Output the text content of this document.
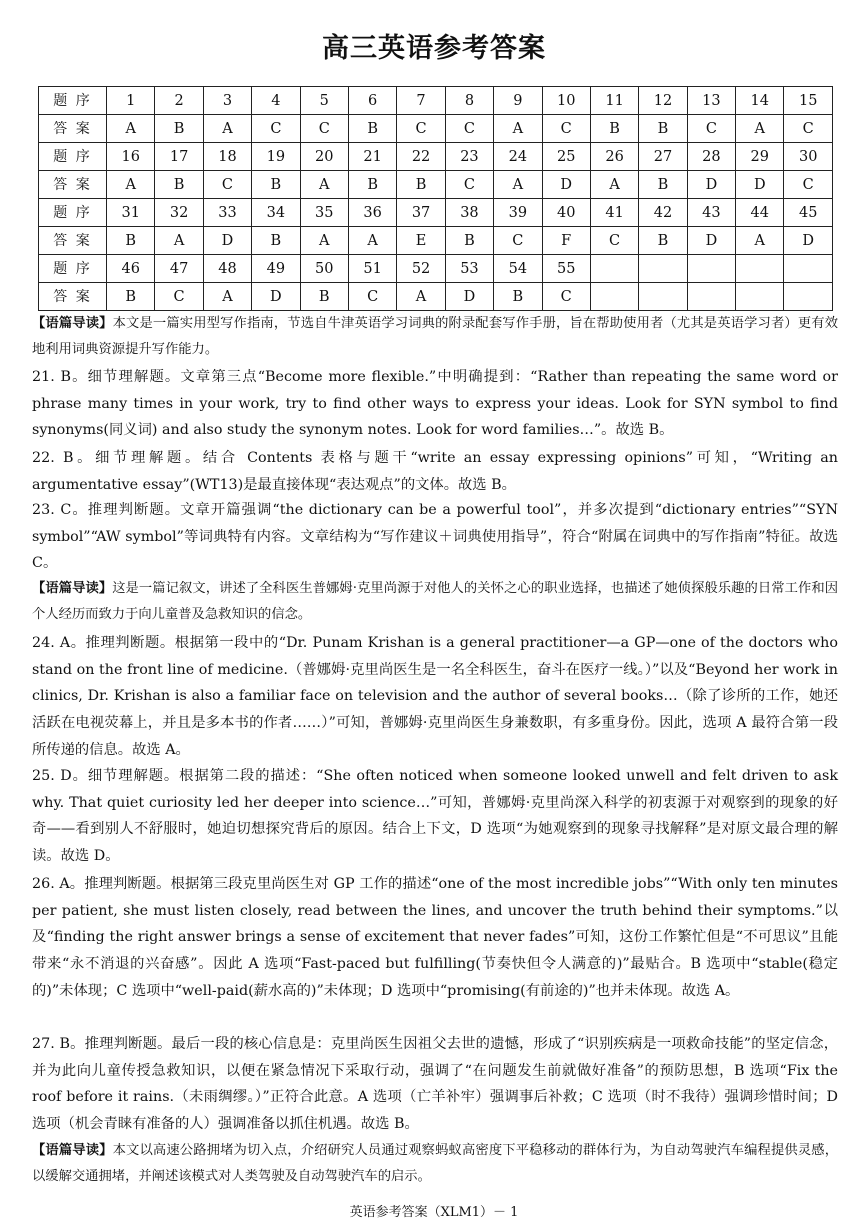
高三英语参考答案
题 序	1	2	3	4	5	6	7	8	9	10	11	12	13	14	15
答 案	A	B	A	C	C	B	C	C	A	C	B	B	C	A	C
题 序	16	17	18	19	20	21	22	23	24	25	26	27	28	29	30
答 案	A	B	C	B	A	B	B	C	A	D	A	B	D	D	C
题 序	31	32	33	34	35	36	37	38	39	40	41	42	43	44	45
答 案	B	A	D	B	A	A	E	B	C	F	C	B	D	A	D
题 序	46	47	48	49	50	51	52	53	54	55					
答 案	B	C	A	D	B	C	A	D	B	C					
【语篇导读】本文是一篇实用型写作指南，节选自牛津英语学习词典的附录配套写作手册，旨在帮助使用者（尤其是英语学习者）更有效地利用词典资源提升写作能力。
21. B。细节理解题。文章第三点“Become more flexible.”中明确提到：“Rather than repeating the same word or phrase many times in your work, try to find other ways to express your ideas. Look for SYN symbol to find synonyms(同义词) and also study the synonym notes. Look for word families…”。故选 B。
22. B。细节理解题。结合 Contents 表格与题干“write an essay expressing opinions”可知，“Writing an argumentative essay”(WT13)是最直接体现“表达观点”的文体。故选 B。
23. C。推理判断题。文章开篇强调“the dictionary can be a powerful tool”，并多次提到“dictionary entries”“SYN symbol”“AW symbol”等词典特有内容。文章结构为“写作建议＋词典使用指导”，符合“附属在词典中的写作指南”特征。故选 C。
【语篇导读】这是一篇记叙文，讲述了全科医生普娜姆·克里尚源于对他人的关怀之心的职业选择，也描述了她侦探般乐趣的日常工作和因个人经历而致力于向儿童普及急救知识的信念。
24. A。推理判断题。根据第一段中的“Dr. Punam Krishan is a general practitioner—a GP—one of the doctors who stand on the front line of medicine.（普娜姆·克里尚医生是一名全科医生，奋斗在医疗一线。）”以及“Beyond her work in clinics, Dr. Krishan is also a familiar face on television and the author of several books…（除了诊所的工作，她还活跃在电视荧幕上，并且是多本书的作者……）”可知，普娜姆·克里尚医生身兼数职，有多重身份。因此，选项 A 最符合第一段所传递的信息。故选 A。
25. D。细节理解题。根据第二段的描述：“She often noticed when someone looked unwell and felt driven to ask why. That quiet curiosity led her deeper into science…”可知，普娜姆·克里尚深入科学的初衷源于对观察到的现象的好奇——看到别人不舒服时，她迫切想探究背后的原因。结合上下文，D 选项“为她观察到的现象寻找解释”是对原文最合理的解读。故选 D。
26. A。推理判断题。根据第三段克里尚医生对 GP 工作的描述“one of the most incredible jobs”“With only ten minutes per patient, she must listen closely, read between the lines, and uncover the truth behind their symptoms.”以及“finding the right answer brings a sense of excitement that never fades”可知，这份工作繁忙但是“不可思议”且能带来“永不消退的兴奋感”。因此 A 选项“Fast-paced but fulfilling(节奏快但令人满意的)”最贴合。B 选项中“stable(稳定的)”未体现；C 选项中“well-paid(薪水高的)”未体现；D 选项中“promising(有前途的)”也并未体现。故选 A。
27. B。推理判断题。最后一段的核心信息是：克里尚医生因祖父去世的遗憾，形成了“识别疾病是一项救命技能”的坚定信念，并为此向儿童传授急救知识，以便在紧急情况下采取行动，强调了“在问题发生前就做好准备”的预防思想，B 选项“Fix the roof before it rains.（未雨绸缪。）”正符合此意。A 选项（亡羊补牢）强调事后补救；C 选项（时不我待）强调珍惜时间；D 选项（机会青睐有准备的人）强调准备以抓住机遇。故选 B。
【语篇导读】本文以高速公路拥堵为切入点，介绍研究人员通过观察蚂蚁高密度下平稳移动的群体行为，为自动驾驶汽车编程提供灵感，以缓解交通拥堵，并阐述该模式对人类驾驶及自动驾驶汽车的启示。
英语参考答案（XLM1）－ 1
